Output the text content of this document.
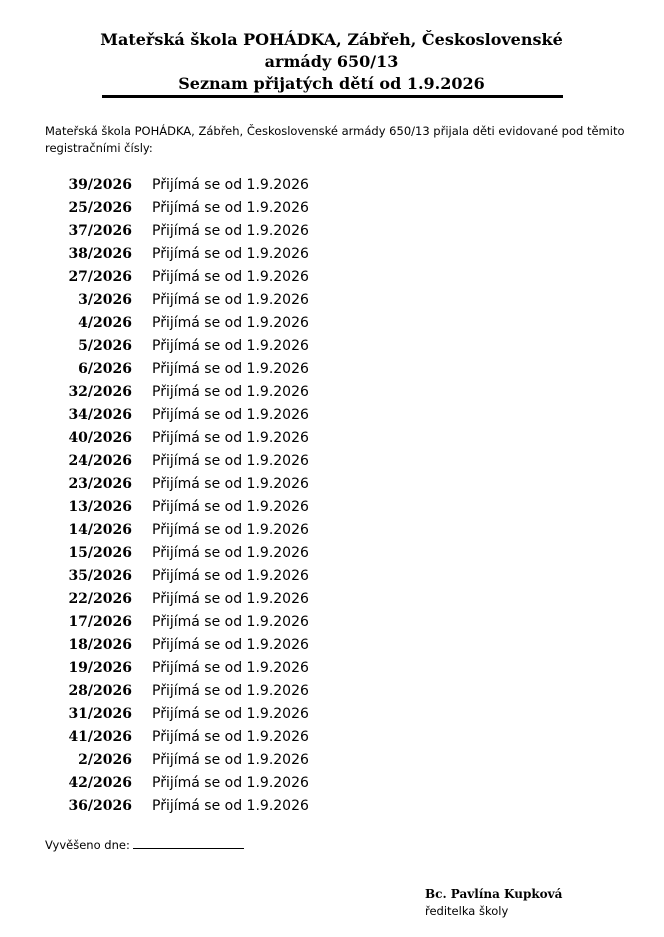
Mateřská škola POHÁDKA, Zábřeh, Československé
armády 650/13
Seznam přijatých dětí od 1.9.2026
Mateřská škola POHÁDKA, Zábřeh, Československé armády 650/13 přijala děti evidované pod těmito registračními čísly:
39/2026 Přijímá se od 1.9.2026
25/2026 Přijímá se od 1.9.2026
37/2026 Přijímá se od 1.9.2026
38/2026 Přijímá se od 1.9.2026
27/2026 Přijímá se od 1.9.2026
3/2026 Přijímá se od 1.9.2026
4/2026 Přijímá se od 1.9.2026
5/2026 Přijímá se od 1.9.2026
6/2026 Přijímá se od 1.9.2026
32/2026 Přijímá se od 1.9.2026
34/2026 Přijímá se od 1.9.2026
40/2026 Přijímá se od 1.9.2026
24/2026 Přijímá se od 1.9.2026
23/2026 Přijímá se od 1.9.2026
13/2026 Přijímá se od 1.9.2026
14/2026 Přijímá se od 1.9.2026
15/2026 Přijímá se od 1.9.2026
35/2026 Přijímá se od 1.9.2026
22/2026 Přijímá se od 1.9.2026
17/2026 Přijímá se od 1.9.2026
18/2026 Přijímá se od 1.9.2026
19/2026 Přijímá se od 1.9.2026
28/2026 Přijímá se od 1.9.2026
31/2026 Přijímá se od 1.9.2026
41/2026 Přijímá se od 1.9.2026
2/2026 Přijímá se od 1.9.2026
42/2026 Přijímá se od 1.9.2026
36/2026 Přijímá se od 1.9.2026
Vyvěšeno dne:
Bc. Pavlína Kupková
ředitelka školy
